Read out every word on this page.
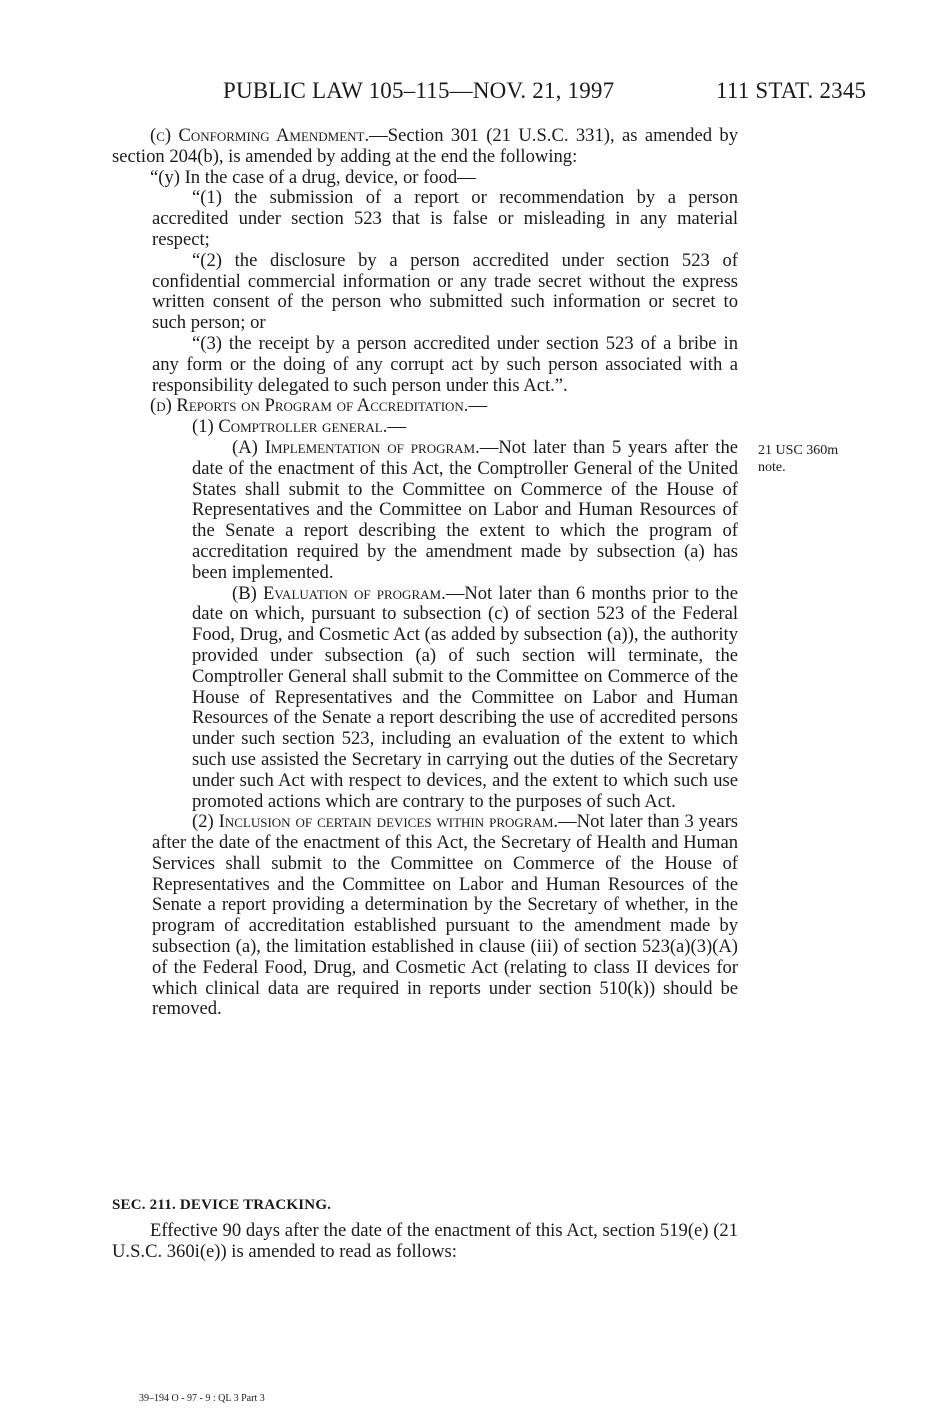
PUBLIC LAW 105–115—NOV. 21, 1997	111 STAT. 2345

(c) Conforming Amendment.—Section 301 (21 U.S.C. 331), as amended by section 204(b), is amended by adding at the end the following:

“(y) In the case of a drug, device, or food—

“(1) the submission of a report or recommendation by a person accredited under section 523 that is false or misleading in any material respect;

“(2) the disclosure by a person accredited under section 523 of confidential commercial information or any trade secret without the express written consent of the person who submitted such information or secret to such person; or

“(3) the receipt by a person accredited under section 523 of a bribe in any form or the doing of any corrupt act by such person associated with a responsibility delegated to such person under this Act.”.

(d) Reports on Program of Accreditation.—

(1) Comptroller general.—

(A) Implementation of program.—Not later than 5 years after the date of the enactment of this Act, the Comptroller General of the United States shall submit to the Committee on Commerce of the House of Representatives and the Committee on Labor and Human Resources of the Senate a report describing the extent to which the program of accreditation required by the amendment made by subsection (a) has been implemented.

(B) Evaluation of program.—Not later than 6 months prior to the date on which, pursuant to subsection (c) of section 523 of the Federal Food, Drug, and Cosmetic Act (as added by subsection (a)), the authority provided under subsection (a) of such section will terminate, the Comptroller General shall submit to the Committee on Commerce of the House of Representatives and the Committee on Labor and Human Resources of the Senate a report describing the use of accredited persons under such section 523, including an evaluation of the extent to which such use assisted the Secretary in carrying out the duties of the Secretary under such Act with respect to devices, and the extent to which such use promoted actions which are contrary to the purposes of such Act.

(2) Inclusion of certain devices within program.—Not later than 3 years after the date of the enactment of this Act, the Secretary of Health and Human Services shall submit to the Committee on Commerce of the House of Representatives and the Committee on Labor and Human Resources of the Senate a report providing a determination by the Secretary of whether, in the program of accreditation established pursuant to the amendment made by subsection (a), the limitation established in clause (iii) of section 523(a)(3)(A) of the Federal Food, Drug, and Cosmetic Act (relating to class II devices for which clinical data are required in reports under section 510(k)) should be removed.

21 USC 360m
note.
SEC. 211. DEVICE TRACKING.

Effective 90 days after the date of the enactment of this Act, section 519(e) (21 U.S.C. 360i(e)) is amended to read as follows:

39–194 O - 97 - 9 : QL 3 Part 3
